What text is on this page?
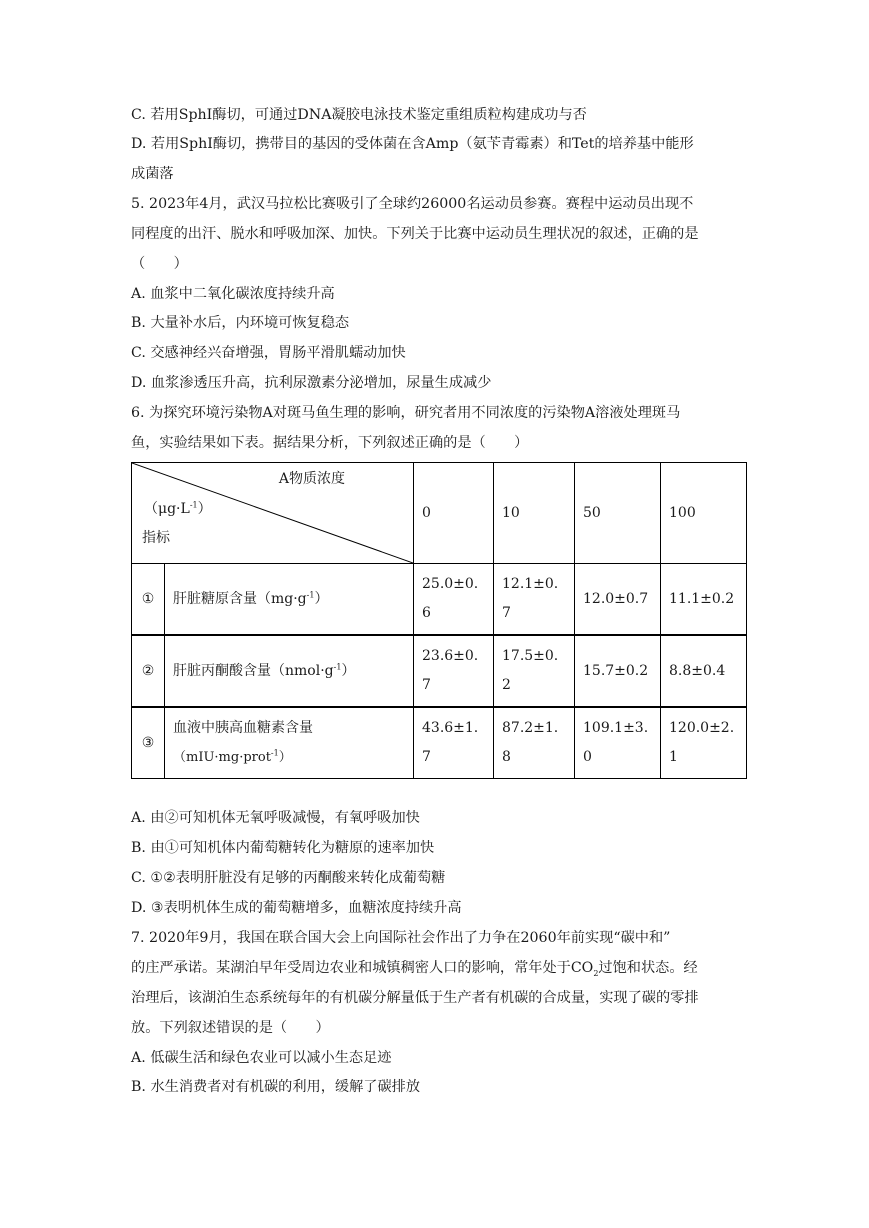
C. 若用SphⅠ酶切，可通过DNA凝胶电泳技术鉴定重组质粒构建成功与否
D. 若用SphⅠ酶切，携带目的基因的受体菌在含Amp（氨苄青霉素）和Tet的培养基中能形
成菌落
5. 2023年4月，武汉马拉松比赛吸引了全球约26000名运动员参赛。赛程中运动员出现不
同程度的出汗、脱水和呼吸加深、加快。下列关于比赛中运动员生理状况的叙述，正确的是
（　　）
A. 血浆中二氧化碳浓度持续升高
B. 大量补水后，内环境可恢复稳态
C. 交感神经兴奋增强，胃肠平滑肌蠕动加快
D. 血浆渗透压升高，抗利尿激素分泌增加，尿量生成减少
6. 为探究环境污染物A对斑马鱼生理的影响，研究者用不同浓度的污染物A溶液处理斑马
鱼，实验结果如下表。据结果分析，下列叙述正确的是（　　）
A物质浓度
$(\mu g\cdot L^{-1})$
指标		0	10	50	100
①	肝脏糖原含量$(mg\cdot g^{-1})$	25.0±0.6	12.1±0.7	12.0±0.7	11.1±0.2
②	肝脏丙酮酸含量$(nmol\cdot g^{-1})$	23.6±0.7	17.5±0.2	15.7±0.2	8.8±0.4
③	血液中胰高血糖素含量
（mIU·mg·prot$^{-1}$）	43.6±1.7	87.2±1.8	109.1±3.0	120.0±2.1
A. 由②可知机体无氧呼吸减慢，有氧呼吸加快
B. 由①可知机体内葡萄糖转化为糖原的速率加快
C. ①②表明肝脏没有足够的丙酮酸来转化成葡萄糖
D. ③表明机体生成的葡萄糖增多，血糖浓度持续升高
7. 2020年9月，我国在联合国大会上向国际社会作出了力争在2060年前实现“碳中和”
的庄严承诺。某湖泊早年受周边农业和城镇稠密人口的影响，常年处于$CO_2$过饱和状态。经
治理后，该湖泊生态系统每年的有机碳分解量低于生产者有机碳的合成量，实现了碳的零排
放。下列叙述错误的是（　　）
A. 低碳生活和绿色农业可以减小生态足迹
B. 水生消费者对有机碳的利用，缓解了碳排放
